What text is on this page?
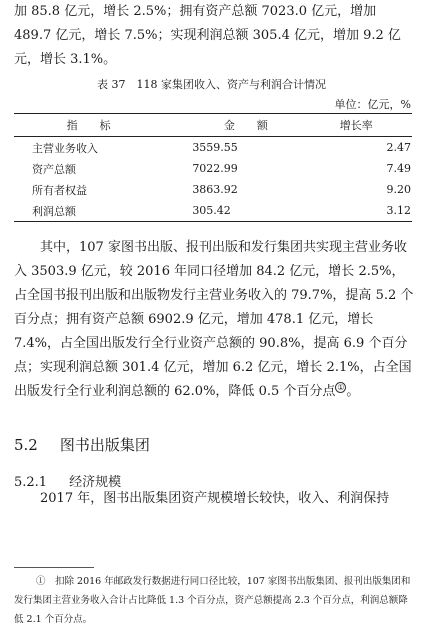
加 85.8 亿元，增长 2.5%；拥有资产总额 7023.0 亿元，增加 489.7 亿元，增长 7.5%；实现利润总额 305.4 亿元，增加 9.2 亿元，增长 3.1%。
表 37　118 家集团收入、资产与利润合计情况
单位：亿元，%
指　　标	金　　额	增长率
主营业务收入	3559.55	2.47
资产总额	7022.99	7.49
所有者权益	3863.92	9.20
利润总额	305.42	3.12
其中，107 家图书出版、报刊出版和发行集团共实现主营业务收入 3503.9 亿元，较 2016 年同口径增加 84.2 亿元，增长 2.5%，占全国书报刊出版和出版物发行主营业务收入的 79.7%，提高 5.2 个百分点；拥有资产总额 6902.9 亿元，增加 478.1 亿元，增长 7.4%，占全国出版发行全行业资产总额的 90.8%，提高 6.9 个百分点；实现利润总额 301.4 亿元，增加 6.2 亿元，增长 2.1%，占全国出版发行全行业利润总额的 62.0%，降低 0.5 个百分点 ① 。
5.2 图书出版集团
5.2.1 经济规模
2017 年，图书出版集团资产规模增长较快，收入、利润保持
①　 扣除 2016 年邮政发行数据进行同口径比较，107 家图书出版集团、报刊出版集团和发行集团主营业务收入合计占比降低 1.3 个百分点，资产总额提高 2.3 个百分点，利润总额降低 2.1 个百分点。
